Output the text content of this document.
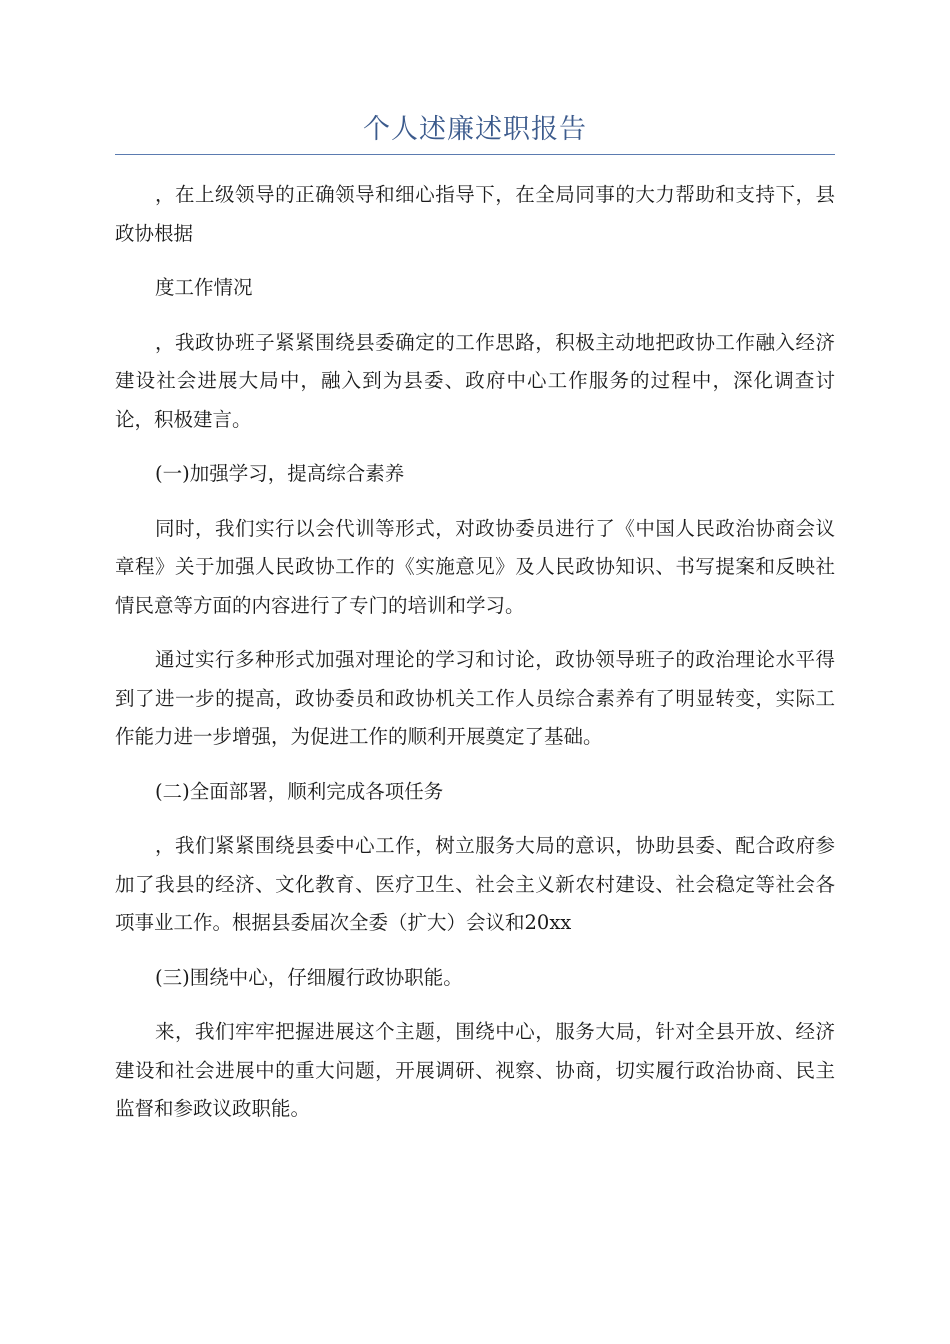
个人述廉述职报告

，在上级领导的正确领导和细心指导下，在全局同事的大力帮助和支持下，县政协根据

度工作情况

，我政协班子紧紧围绕县委确定的工作思路，积极主动地把政协工作融入经济建设社会进展大局中，融入到为县委、政府中心工作服务的过程中，深化调查讨论，积极建言。

(一)加强学习，提高综合素养

同时，我们实行以会代训等形式，对政协委员进行了《中国人民政治协商会议章程》关于加强人民政协工作的《实施意见》及人民政协知识、书写提案和反映社情民意等方面的内容进行了专门的培训和学习。

通过实行多种形式加强对理论的学习和讨论，政协领导班子的政治理论水平得到了进一步的提高，政协委员和政协机关工作人员综合素养有了明显转变，实际工作能力进一步增强，为促进工作的顺利开展奠定了基础。

(二)全面部署，顺利完成各项任务

，我们紧紧围绕县委中心工作，树立服务大局的意识，协助县委、配合政府参加了我县的经济、文化教育、医疗卫生、社会主义新农村建设、社会稳定等社会各项事业工作。根据县委届次全委（扩大）会议和20xx

(三)围绕中心，仔细履行政协职能。

来，我们牢牢把握进展这个主题，围绕中心，服务大局，针对全县开放、经济建设和社会进展中的重大问题，开展调研、视察、协商，切实履行政治协商、民主监督和参政议政职能。
